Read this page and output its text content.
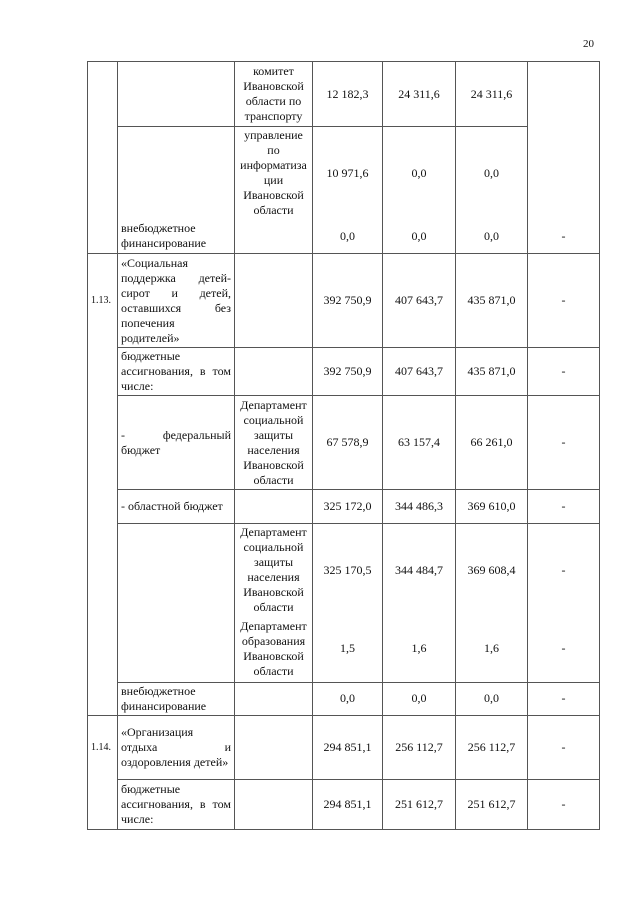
20
		комитет Ивановской области по транспорту	12 182,3	24 311,6	24 311,6	
		управление по информатиза ции Ивановской области	10 971,6	0,0	0,0	
	внебюджетное финансирование		0,0	0,0	0,0	-
1.13.	«Социальная поддержка детей-сирот и детей, оставшихся без попечения родителей»		392 750,9	407 643,7	435 871,0	-
	бюджетные ассигнования, в том числе:		392 750,9	407 643,7	435 871,0	-
	- федеральный бюджет	Департамент социальной защиты населения Ивановской области	67 578,9	63 157,4	66 261,0	-
	- областной бюджет		325 172,0	344 486,3	369 610,0	-
		Департамент социальной защиты населения Ивановской области	325 170,5	344 484,7	369 608,4	-
		Департамент образования Ивановской области	1,5	1,6	1,6	-
	внебюджетное финансирование		0,0	0,0	0,0	-
1.14.	«Организация отдыха и оздоровления детей»		294 851,1	256 112,7	256 112,7	-
	бюджетные ассигнования, в том числе:		294 851,1	251 612,7	251 612,7	-
